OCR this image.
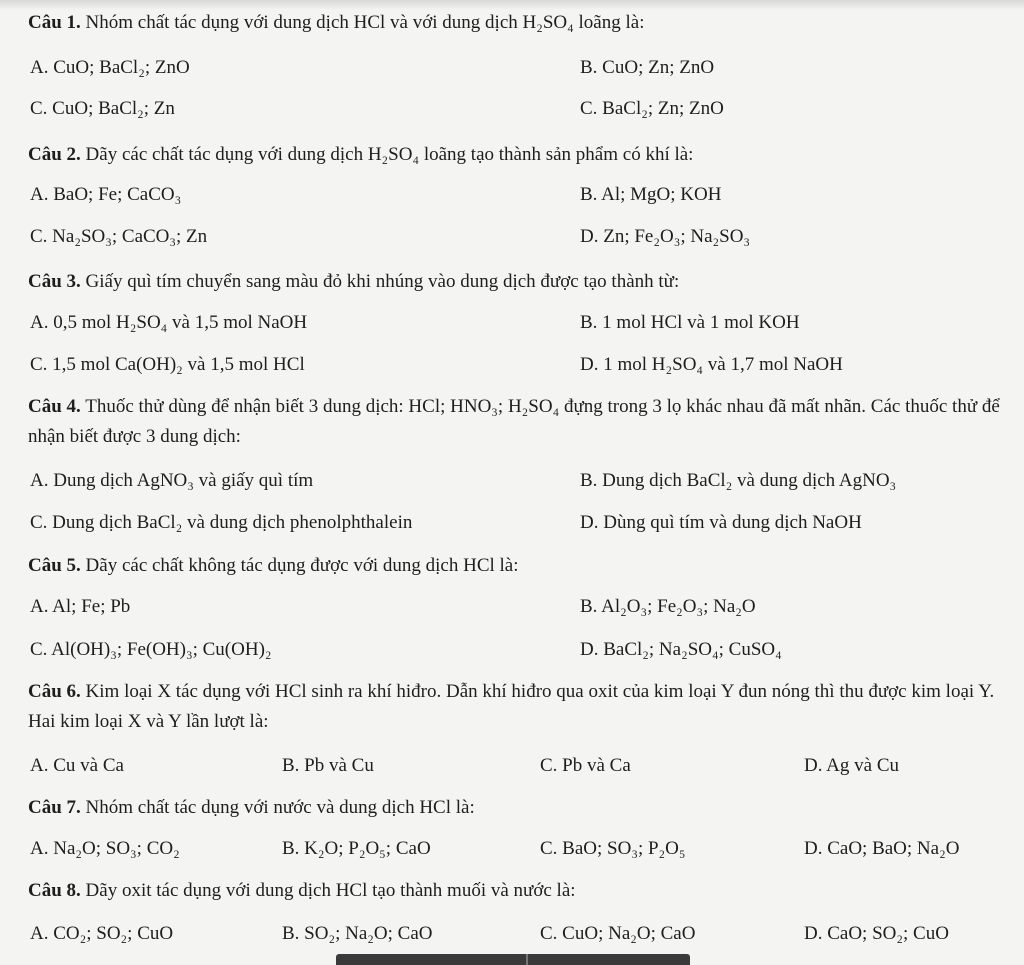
Câu 1. Nhóm chất tác dụng với dung dịch HCl và với dung dịch H₂SO₄ loãng là:
A. CuO; BaCl₂; ZnO	B. CuO; Zn; ZnO
C. CuO; BaCl₂; Zn	C. BaCl₂; Zn; ZnO
Câu 2. Dãy các chất tác dụng với dung dịch H₂SO₄ loãng tạo thành sản phẩm có khí là:
A. BaO; Fe; CaCO₃	B. Al; MgO; KOH
C. Na₂SO₃; CaCO₃; Zn	D. Zn; Fe₂O₃; Na₂SO₃
Câu 3. Giấy quì tím chuyển sang màu đỏ khi nhúng vào dung dịch được tạo thành từ:
A. 0,5 mol H₂SO₄ và 1,5 mol NaOH	B. 1 mol HCl và 1 mol KOH
C. 1,5 mol Ca(OH)₂ và 1,5 mol HCl	D. 1 mol H₂SO₄ và 1,7 mol NaOH
Câu 4. Thuốc thử dùng để nhận biết 3 dung dịch: HCl; HNO₃; H₂SO₄ đựng trong 3 lọ khác nhau đã mất nhãn. Các thuốc thử để nhận biết được 3 dung dịch:
A. Dung dịch AgNO₃ và giấy quì tím	B. Dung dịch BaCl₂ và dung dịch AgNO₃
C. Dung dịch BaCl₂ và dung dịch phenolphthalein	D. Dùng quì tím và dung dịch NaOH
Câu 5. Dãy các chất không tác dụng được với dung dịch HCl là:
A. Al; Fe; Pb	B. Al₂O₃; Fe₂O₃; Na₂O
C. Al(OH)₃; Fe(OH)₃; Cu(OH)₂	D. BaCl₂; Na₂SO₄; CuSO₄
Câu 6. Kim loại X tác dụng với HCl sinh ra khí hiđro. Dẫn khí hiđro qua oxit của kim loại Y đun nóng thì thu được kim loại Y. Hai kim loại X và Y lần lượt là:
A. Cu và Ca	B. Pb và Cu	C. Pb và Ca	D. Ag và Cu
Câu 7. Nhóm chất tác dụng với nước và dung dịch HCl là:
A. Na₂O; SO₃; CO₂	B. K₂O; P₂O₅; CaO	C. BaO; SO₃; P₂O₅	D. CaO; BaO; Na₂O
Câu 8. Dãy oxit tác dụng với dung dịch HCl tạo thành muối và nước là:
A. CO₂; SO₂; CuO	B. SO₂; Na₂O; CaO	C. CuO; Na₂O; CaO	D. CaO; SO₂; CuO
